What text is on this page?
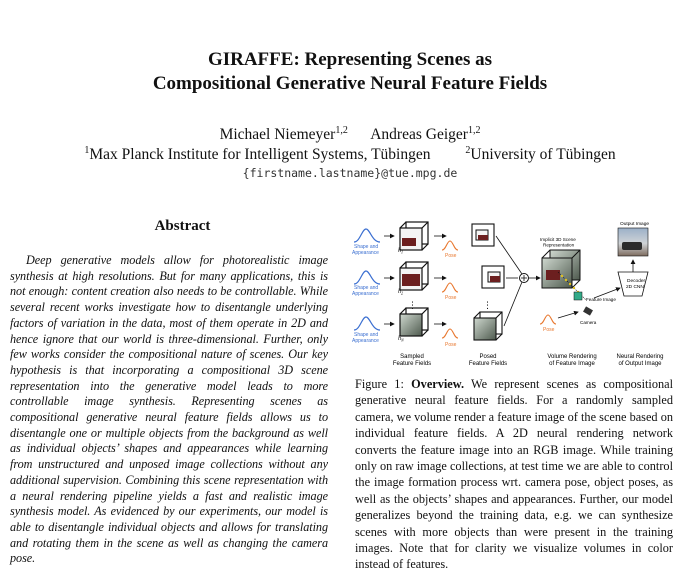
GIRAFFE: Representing Scenes as
Compositional Generative Neural Feature Fields
Michael Niemeyer$^{1,2}$ Andreas Geiger$^{1,2}$
$^1$Max Planck Institute for Intelligent Systems, Tübingen	$^2$University of Tübingen
{firstname.lastname}@tue.mpg.de
Abstract
Deep generative models allow for photorealistic image synthesis at high resolutions. But for many applications, this is not enough: content creation also needs to be controllable. While several recent works investigate how to disentangle underlying factors of variation in the data, most of them operate in 2D and hence ignore that our world is three-dimensional. Further, only few works consider the compositional nature of scenes. Our key hypothesis is that incorporating a compositional 3D scene representation into the generative model leads to more controllable image synthesis. Representing scenes as compositional generative neural feature fields allows us to disentangle one or multiple objects from the background as well as individual objects’ shapes and appearances while learning from unstructured and unposed image collections without any additional supervision. Combining this scene representation with a neural rendering pipeline yields a fast and realistic image synthesis model. As evidenced by our experiments, our model is able to disentangle individual objects and allows for translating and rotating them in the scene as well as changing the camera pose.
Shape and Appearance	$h_1$
Pose
Shape and Appearance	$h_2$
Pose
⋮	⋮
Shape and Appearance	$h_N$
Pose
Implicit 3D Scene Representation
Feature Image
Camera
Pose
Output Image
Decoder 2D CNN
Sampled Feature Fields
Posed Feature Fields
Volume Rendering of Feature Image
Neural Rendering of Output Image
Figure 1: Overview. We represent scenes as compositional generative neural feature fields. For a randomly sampled camera, we volume render a feature image of the scene based on individual feature fields. A 2D neural rendering network converts the feature image into an RGB image. While training only on raw image collections, at test time we are able to control the image formation process wrt. camera pose, object poses, as well as the objects’ shapes and appearances. Further, our model generalizes beyond the training data, e.g. we can synthesize scenes with more objects than were present in the training images. Note that for clarity we visualize volumes in color instead of features.
